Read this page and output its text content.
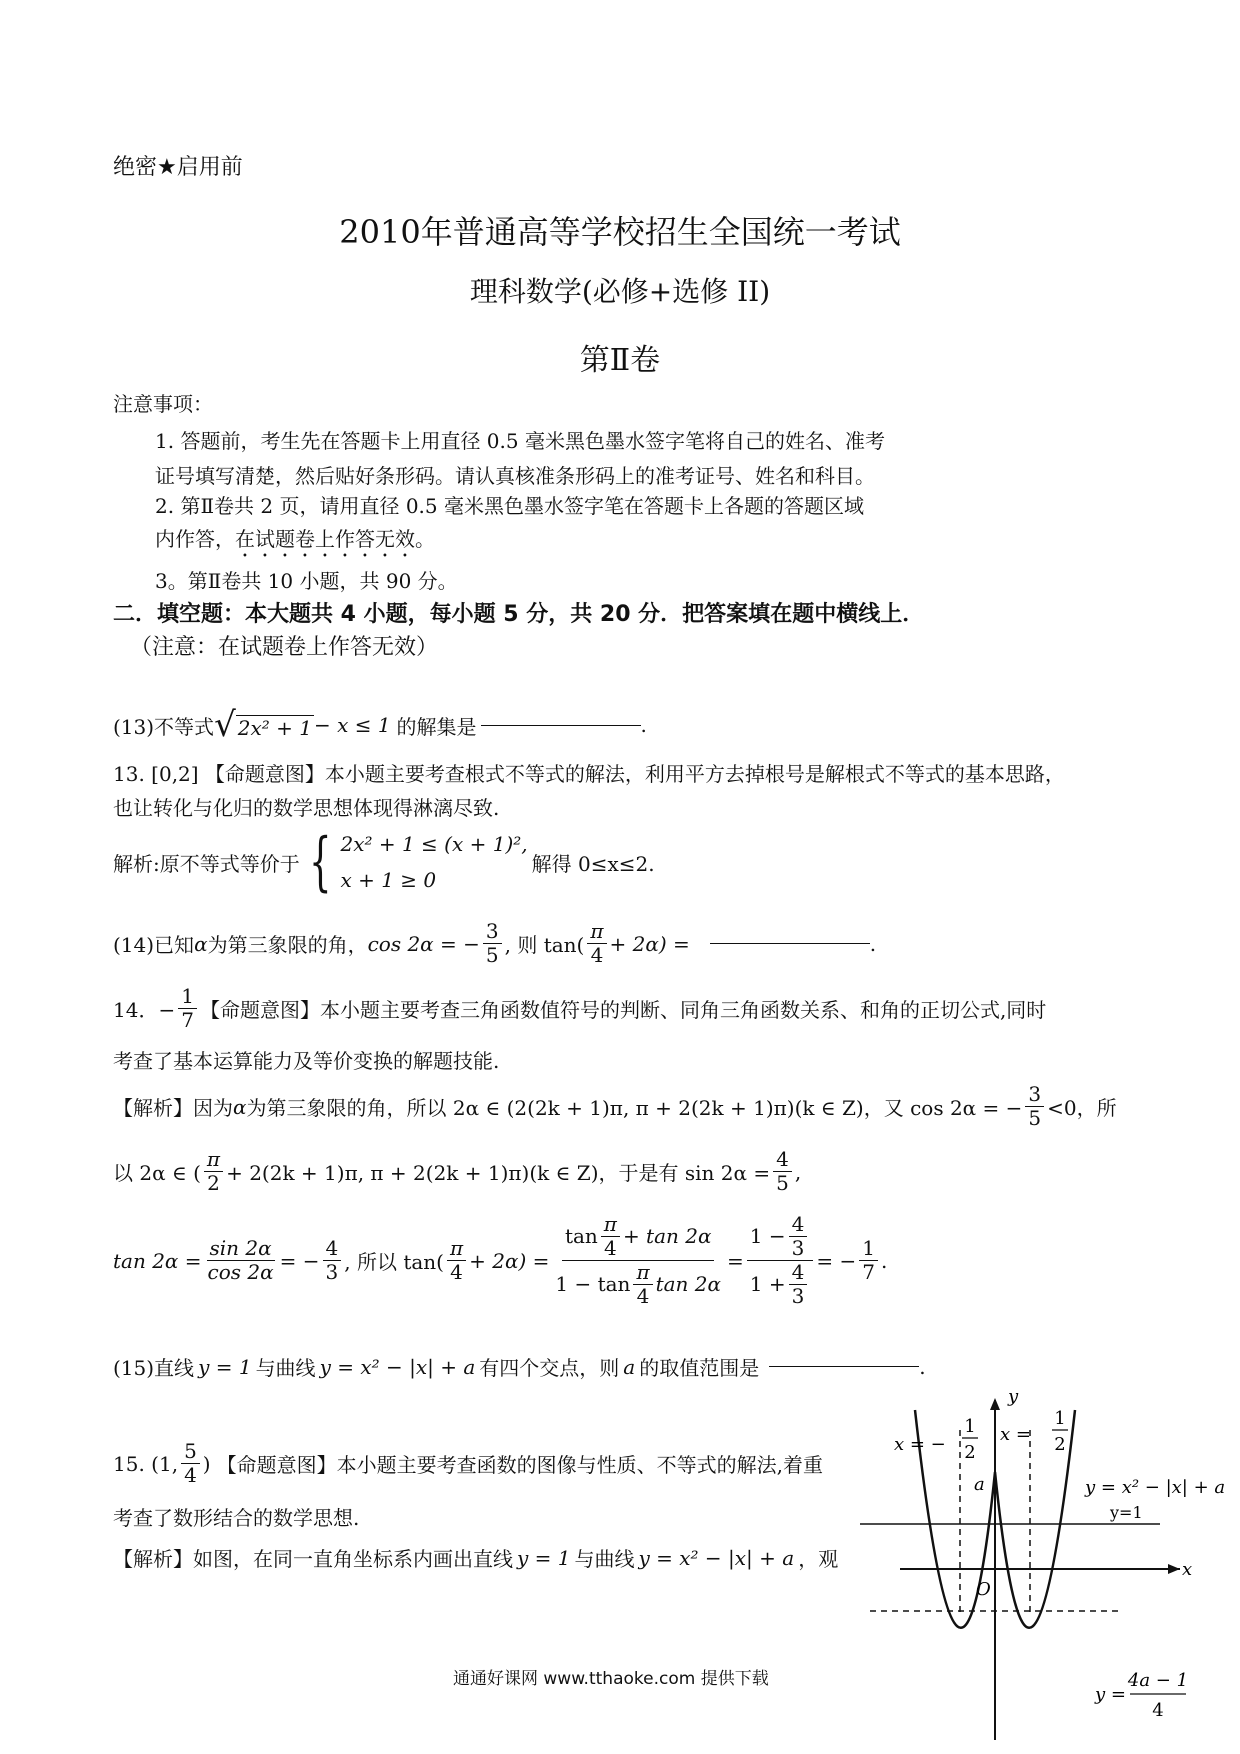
绝密★启用前
2010年普通高等学校招生全国统一考试
理科数学(必修+选修 II)
第Ⅱ卷
注意事项：
1. 答题前，考生先在答题卡上用直径 0.5 毫米黑色墨水签字笔将自己的姓名、准考
证号填写清楚，然后贴好条形码。请认真核准条形码上的准考证号、姓名和科目。
2. 第Ⅱ卷共 2 页，请用直径 0.5 毫米黑色墨水签字笔在答题卡上各题的答题区域
内作答，在试题卷上作答无效。
3。第Ⅱ卷共 10 小题，共 90 分。
二．填空题：本大题共 4 小题，每小题 5 分，共 20 分．把答案填在题中横线上．
（注意：在试题卷上作答无效）
(13)不等式 √ 2x² + 1 − x ≤ 1 的解集是	.
13. [0,2] 【命题意图】本小题主要考查根式不等式的解法，利用平方去掉根号是解根式不等式的基本思路，
也让转化与化归的数学思想体现得淋漓尽致.
解析:原不等式等价于 { 2x² + 1 ≤ (x + 1)²,
x + 1 ≥ 0
解得 0≤x≤2.
(14)已知 α 为第三象限的角， cos 2α = − $\frac{3}{5}$ , 则 $\tan( \frac{\pi}{4} + 2\alpha)$ =	.
14．− $\frac{1}{7}$ 【命题意图】本小题主要考查三角函数值符号的判断、同角三角函数关系、和角的正切公式,同时
考查了基本运算能力及等价变换的解题技能.
【解析】因为 α 为第三象限的角，所以 2α ∈ (2(2k + 1)π, π + 2(2k + 1)π)(k ∈ Z)，又 cos 2α = − $\frac{3}{5} <0$，所
以 2α ∈ ( $\frac{\pi}{2} + 2(2k + 1)\pi$, π + 2(2k + 1)π)(k ∈ Z)，于是有 $\sin 2\alpha = \frac{4}{5}$ ,
$\tan 2\alpha = \frac{\sin 2\alpha}{\cos 2\alpha}$ = − $\frac{4}{3}$ , 所以 $\tan( \frac{\pi}{4} + 2\alpha) = \frac{\tan \frac{\pi}{4} + \tan 2\alpha}{1 - \tan \frac{\pi}{4} \tan 2\alpha} = \frac{1 - \frac{4}{3}}{1 + \frac{4}{3}}$ = − $\frac{1}{7}$ .
(15)直线 y = 1 与曲线 y = x² − |x| + a 有四个交点，则 a 的取值范围是	.
15. (1, $\frac{5}{4}$ ) 【命题意图】本小题主要考查函数的图像与性质、不等式的解法,着重
考查了数形结合的数学思想.
【解析】如图，在同一直角坐标系内画出直线 y = 1 与曲线 y = x² − |x| + a ，观
y
x
O
a
x = −
1
2
x =
1
2
y = x² − |x| + a
y=1
y =
4a − 1
4
通通好课网 www.tthaoke.com 提供下载
